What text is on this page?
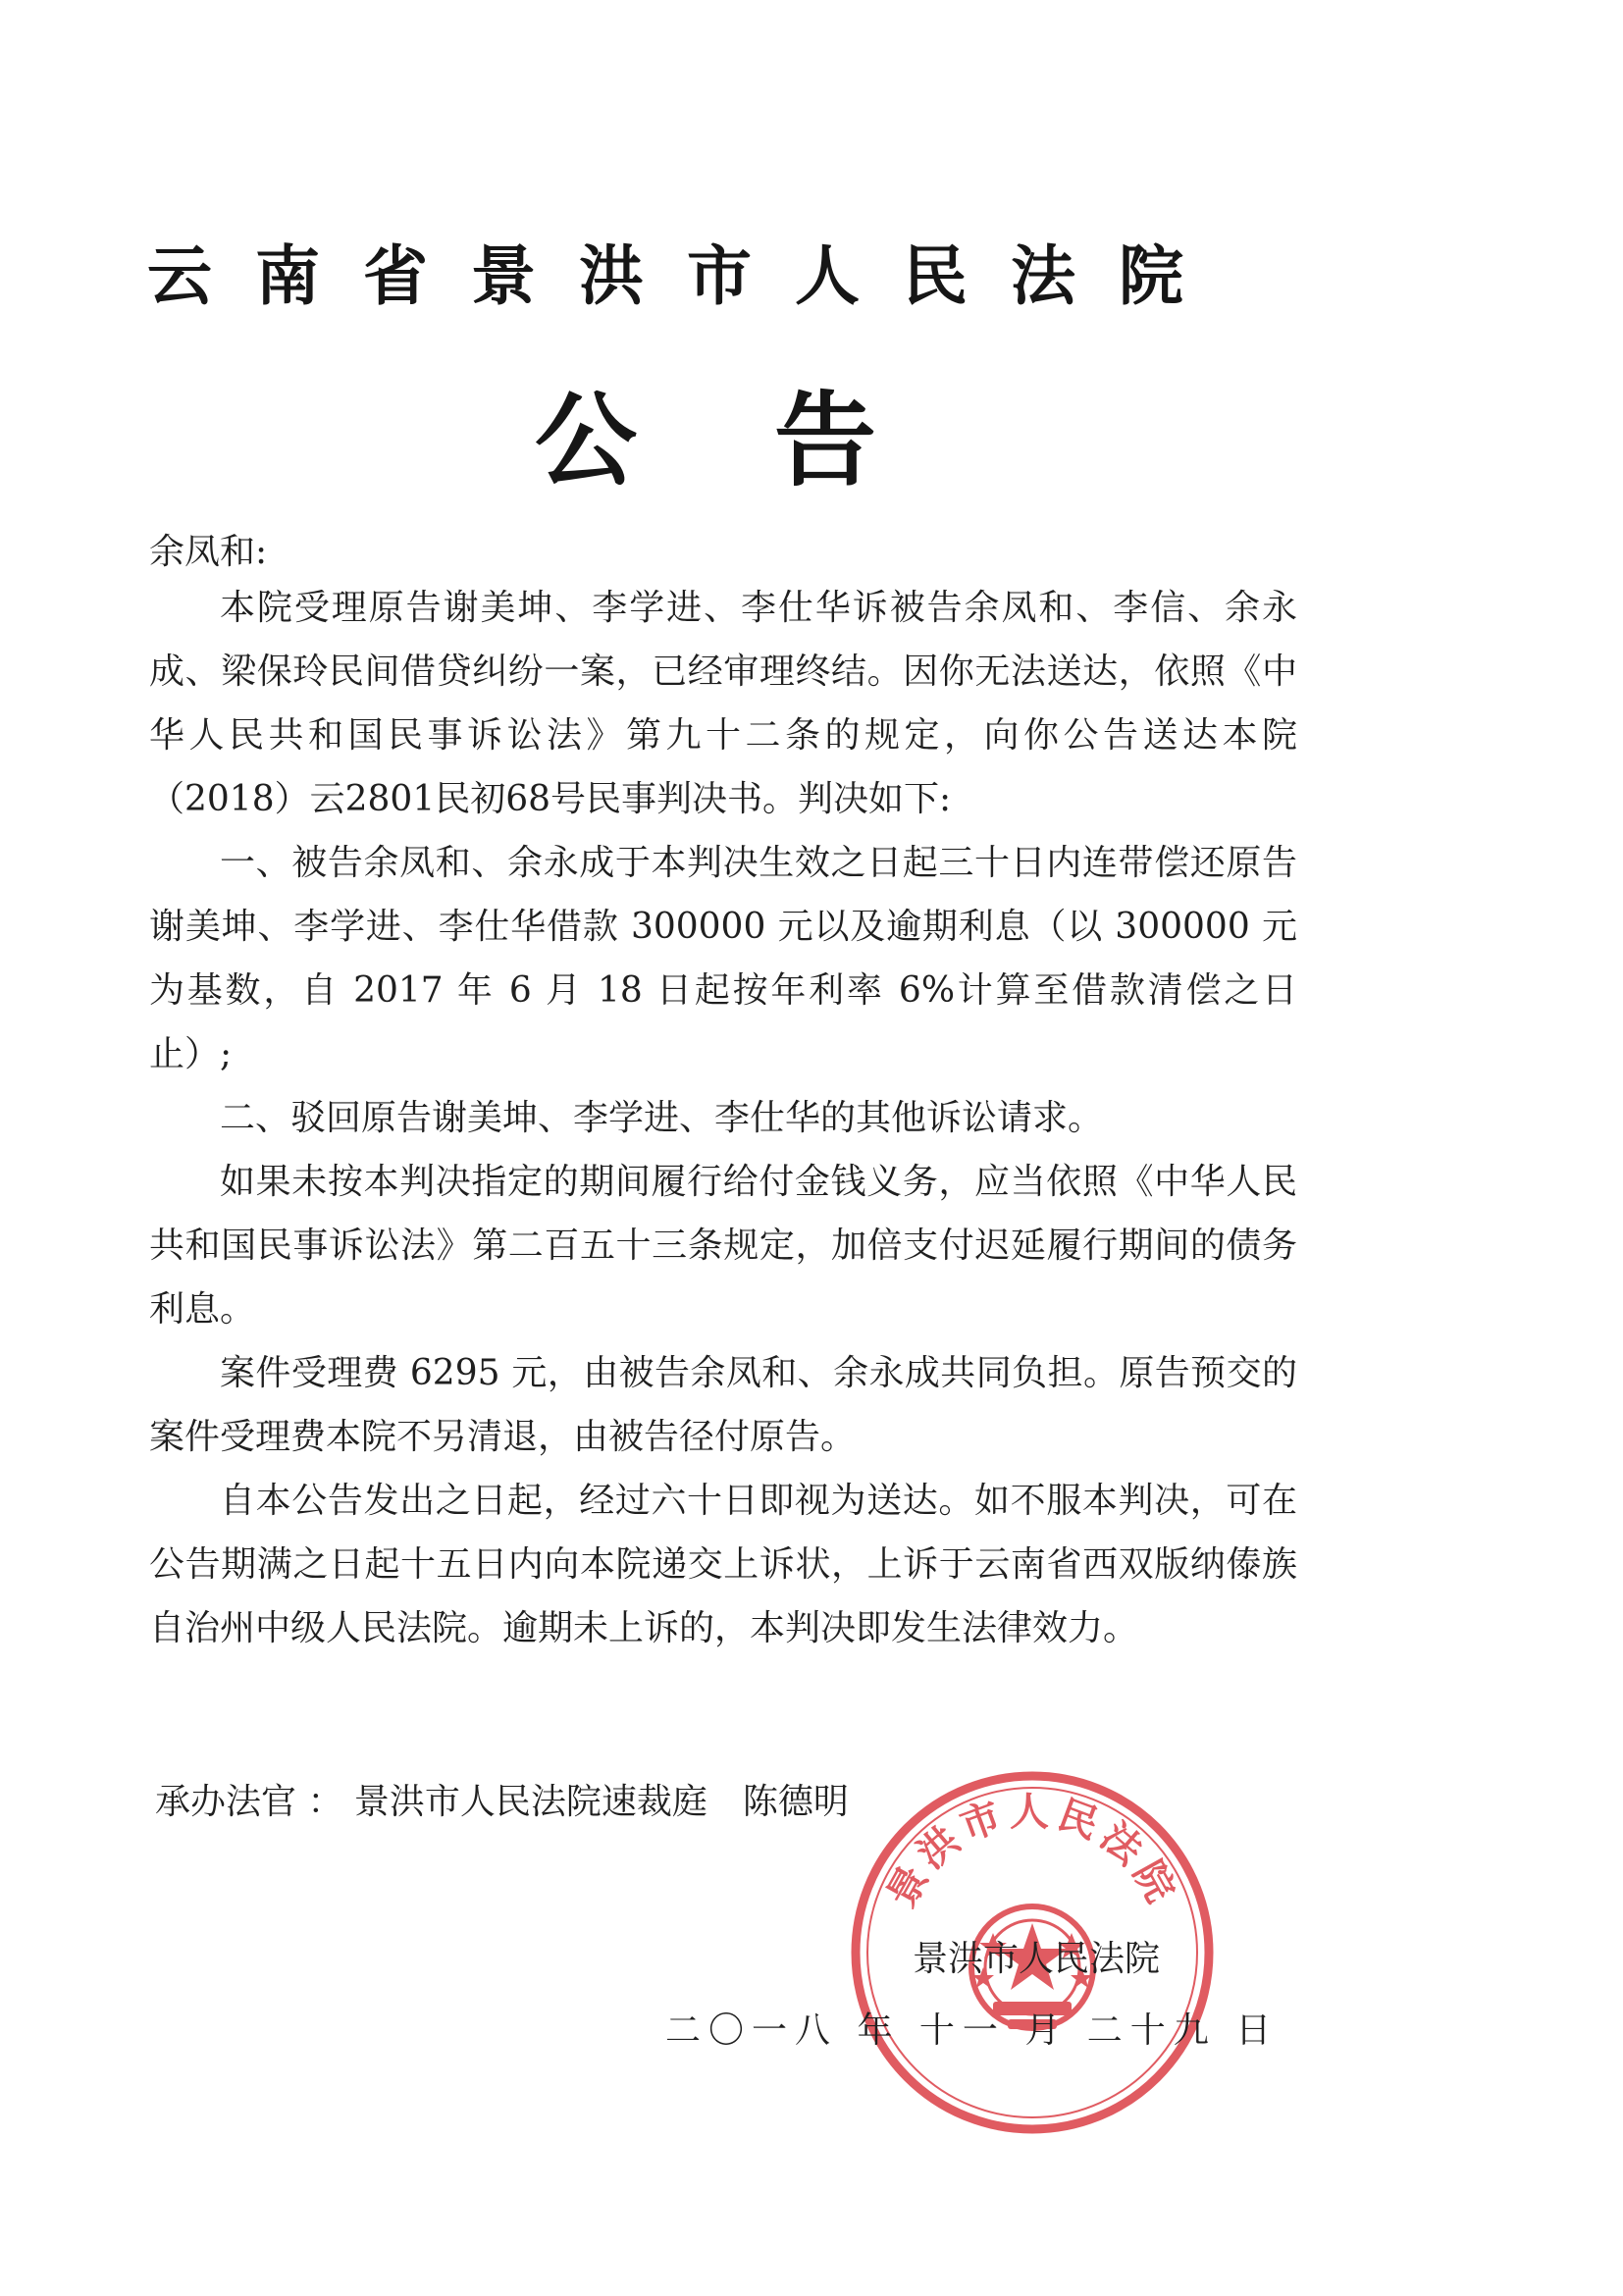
云南省景洪市人民法院
公告
余凤和:

本院受理原告谢美坤、李学进、李仕华诉被告余凤和、李信、余永成、梁保玲民间借贷纠纷一案，已经审理终结。因你无法送达，依照《中华人民共和国民事诉讼法》第九十二条的规定，向你公告送达本院（2018）云2801民初68号民事判决书。判决如下:

一、被告余凤和、余永成于本判决生效之日起三十日内连带偿还原告谢美坤、李学进、李仕华借款 300000 元以及逾期利息（以 300000 元为基数，自 2017 年 6 月 18 日起按年利率 6%计算至借款清偿之日止）;

二、驳回原告谢美坤、李学进、李仕华的其他诉讼请求。

如果未按本判决指定的期间履行给付金钱义务，应当依照《中华人民共和国民事诉讼法》第二百五十三条规定，加倍支付迟延履行期间的债务利息。

案件受理费 6295 元，由被告余凤和、余永成共同负担。原告预交的案件受理费本院不另清退，由被告径付原告。

自本公告发出之日起，经过六十日即视为送达。如不服本判决，可在公告期满之日起十五日内向本院递交上诉状，上诉于云南省西双版纳傣族自治州中级人民法院。逾期未上诉的，本判决即发生法律效力。

承办法官 ： 景洪市人民法院速裁庭　陈德明
景洪市人民法院
景洪市人民法院
二〇一八 年 十一 月 二十九 日
